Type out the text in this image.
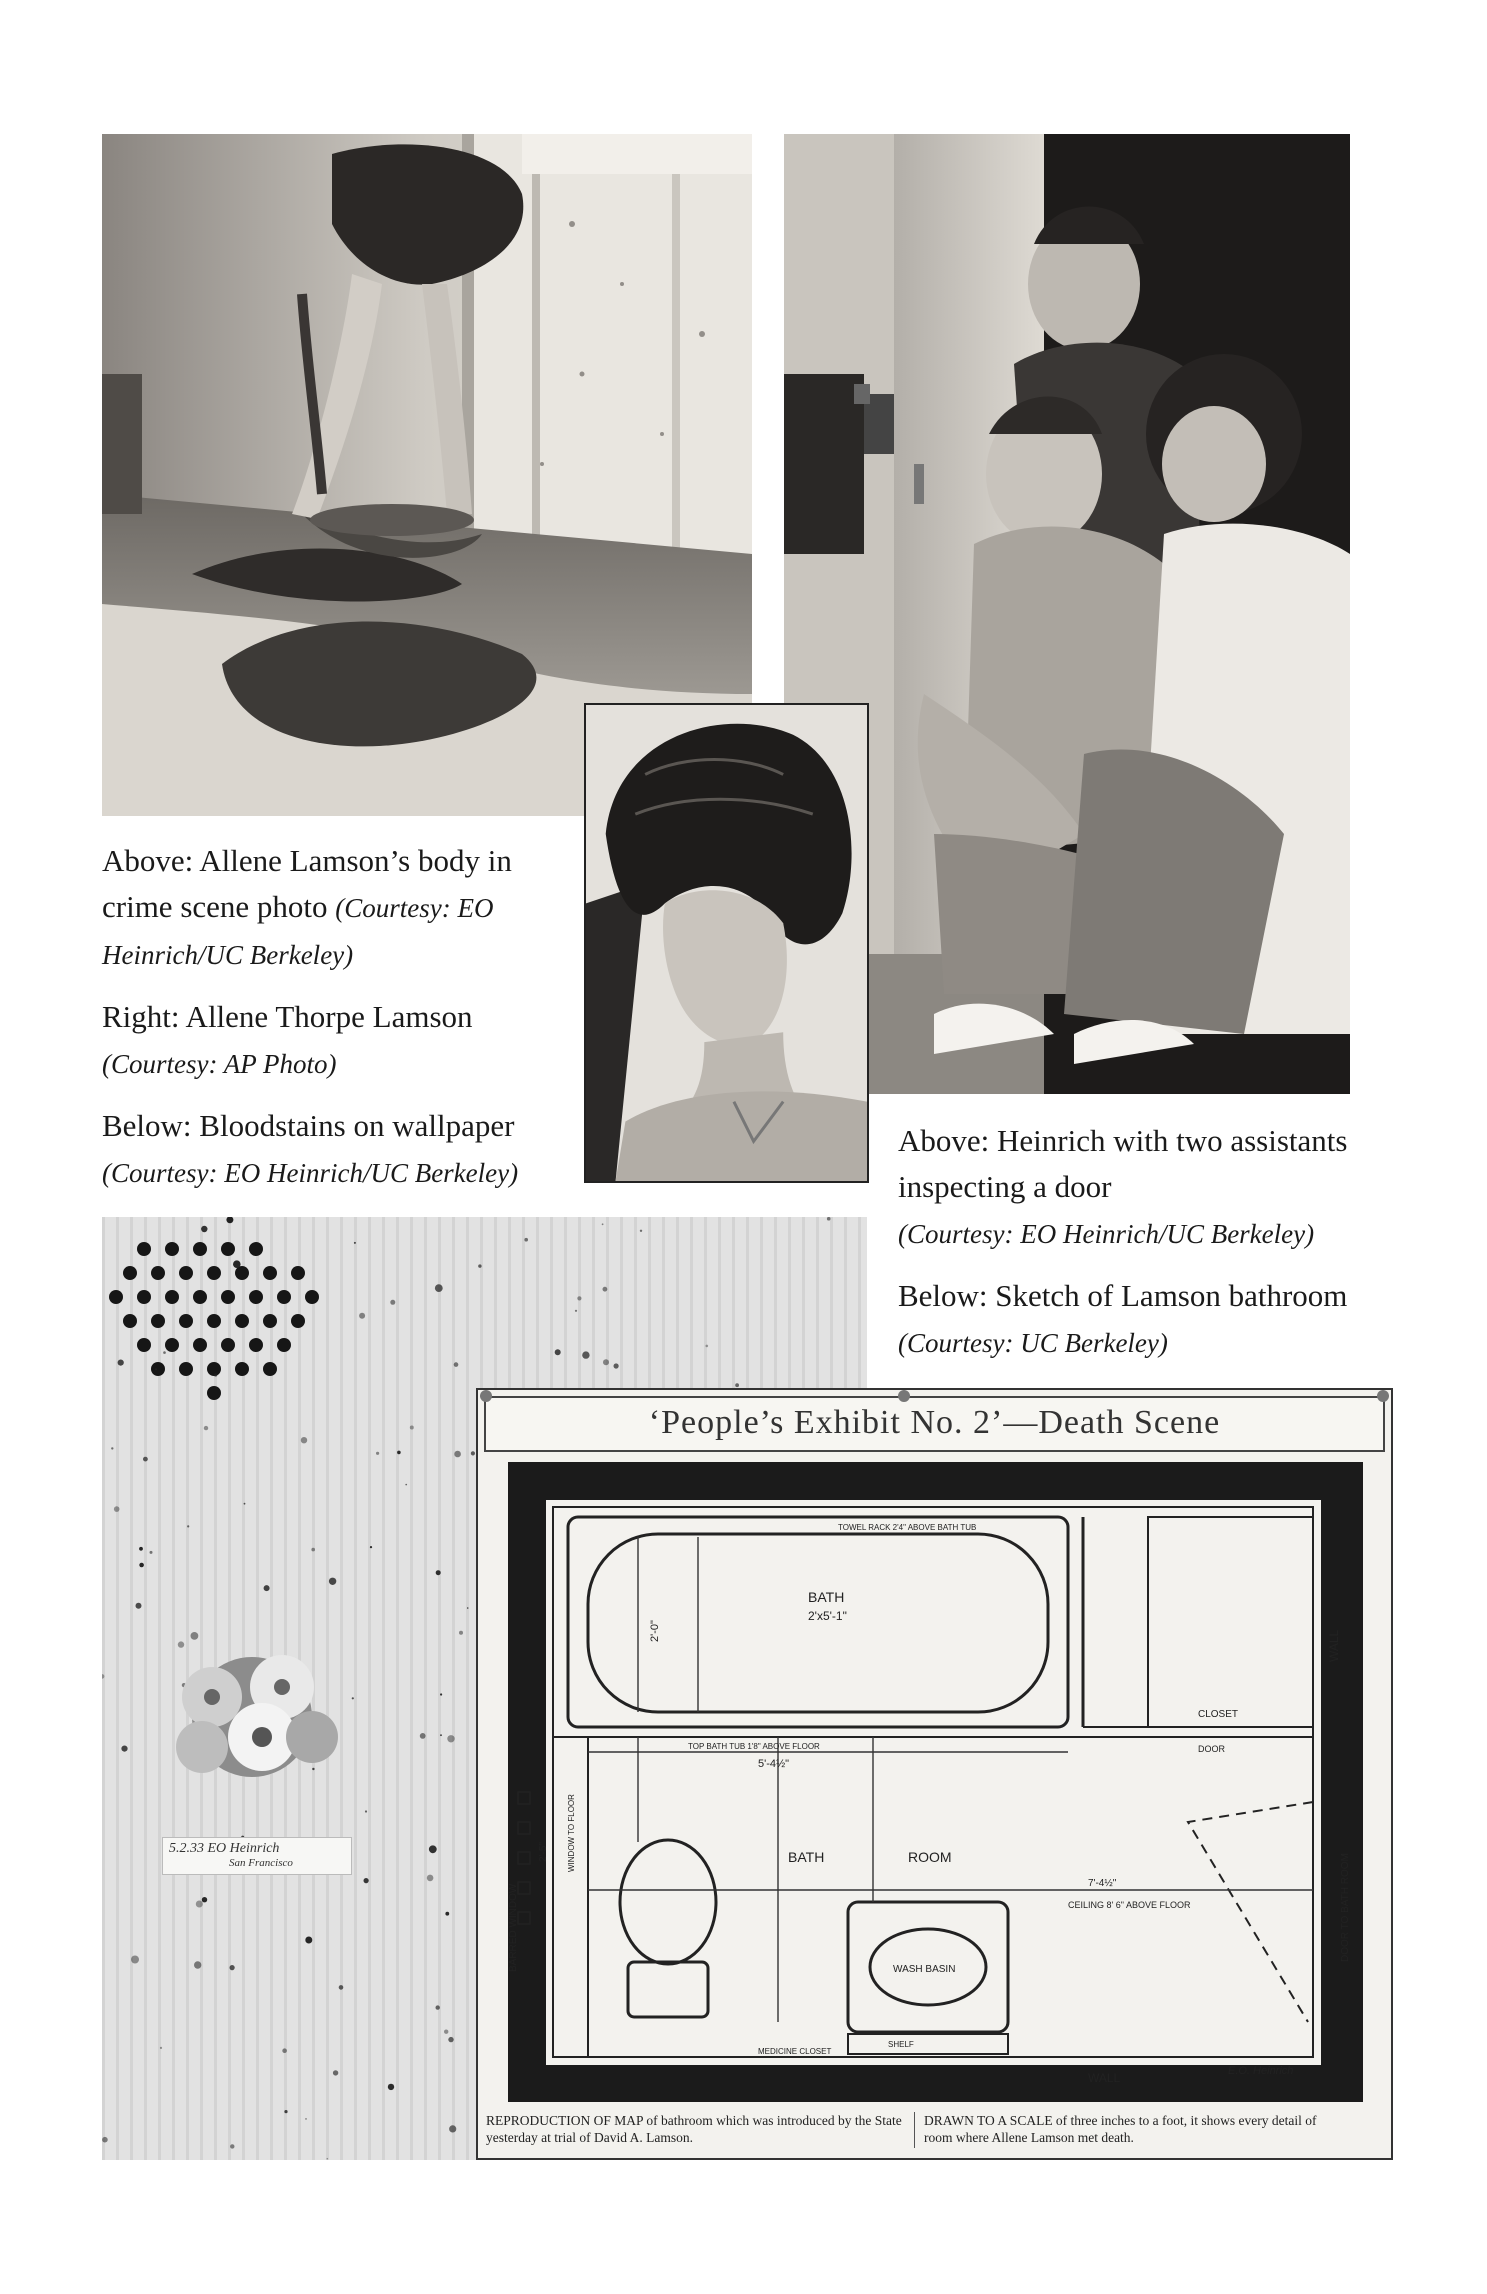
Above: Allene Lamson’s body in crime scene photo (Courtesy: EO Heinrich/UC Berkeley)

Right: Allene Thorpe Lamson
(Courtesy: AP Photo)

Below: Bloodstains on wallpaper
(Courtesy: EO Heinrich/UC Berkeley)

Above: Heinrich with two assistants inspecting a door
(Courtesy: EO Heinrich/UC Berkeley)

Below: Sketch of Lamson bathroom (Courtesy: UC Berkeley)

5.2.33 EO Heinrich
San Francisco
‘People’s Exhibit No. 2’—Death Scene
BATH
2'x5'-1"
TOWEL RACK 2'4" ABOVE BATH TUB
TOP BATH TUB 1'8" ABOVE FLOOR
5'-4½"
BATH	ROOM
7'-4½"
CEILING 8' 6" ABOVE FLOOR
CLOSET
DOOR
WASH BASIN
SHELF
MEDICINE CLOSET
WALL
WALL
BARRED WINDOW
WINDOW TO FLOOR
DOOR TO BATH ROOM
2'-5"
2'-0"
E.O. Heinrich
REPRODUCTION OF MAP of bathroom which was introduced by the State yesterday at trial of David A. Lamson.
DRAWN TO A SCALE of three inches to a foot, it shows every detail of room where Allene Lamson met death.
